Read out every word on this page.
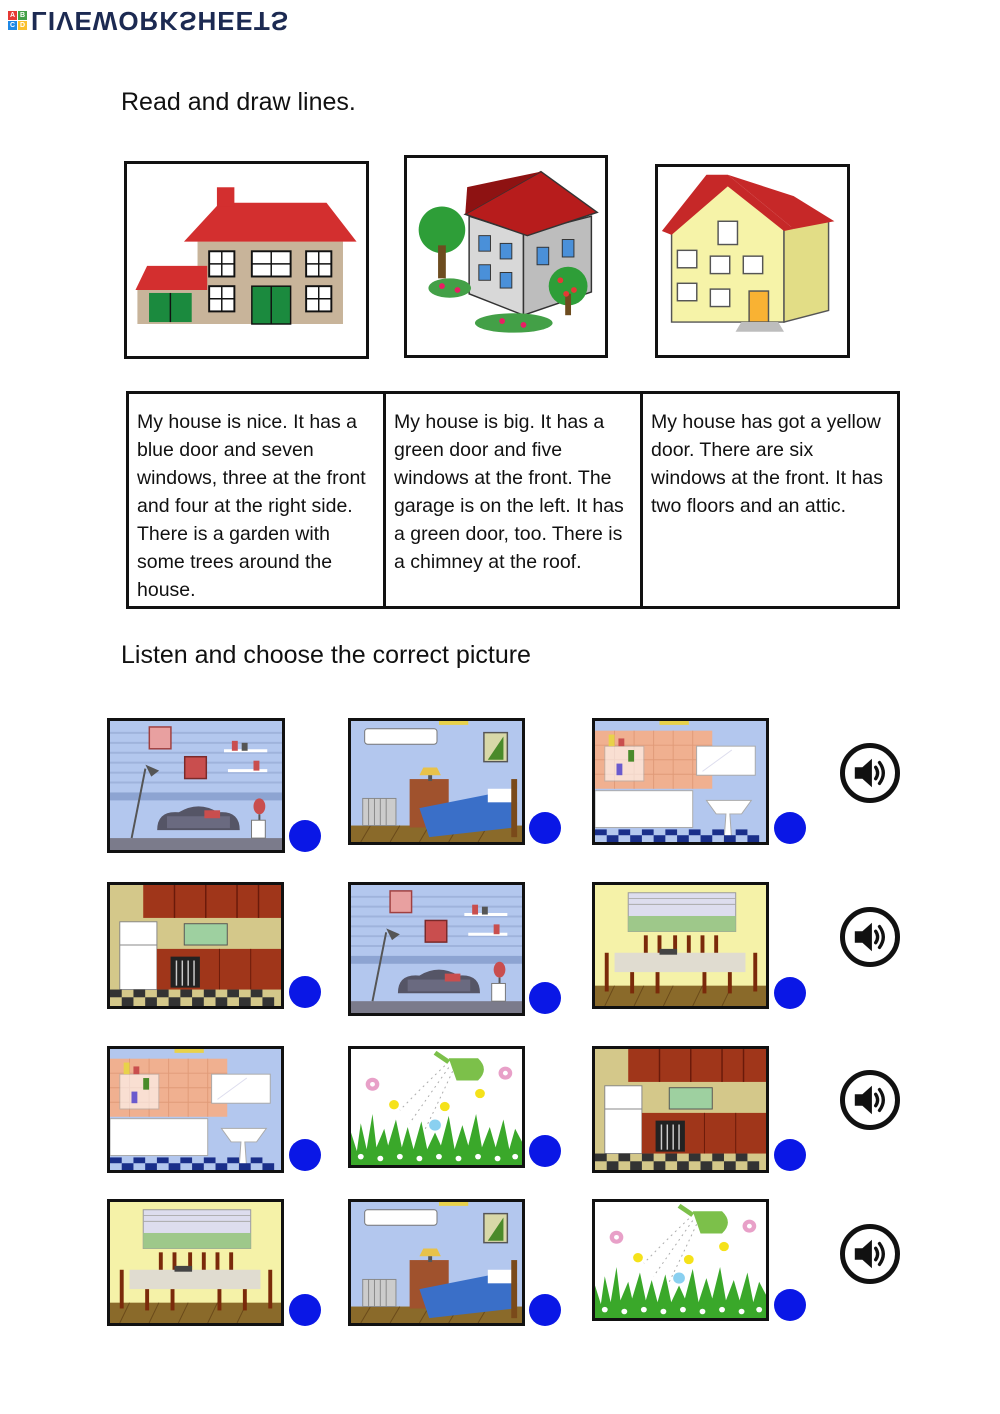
A B
C D LIVEWORKSHEETS
Read and draw lines.
My house is nice. It has a blue door and seven windows, three at the front and four at the right side. There is a garden with some trees around the house.
My house is big. It has a green door and five windows at the front. The garage is on the left. It has a green door, too. There is a chimney at the roof.
My house has got a yellow door. There are six windows at the front. It has two floors and an attic.
Listen and choose the correct picture
